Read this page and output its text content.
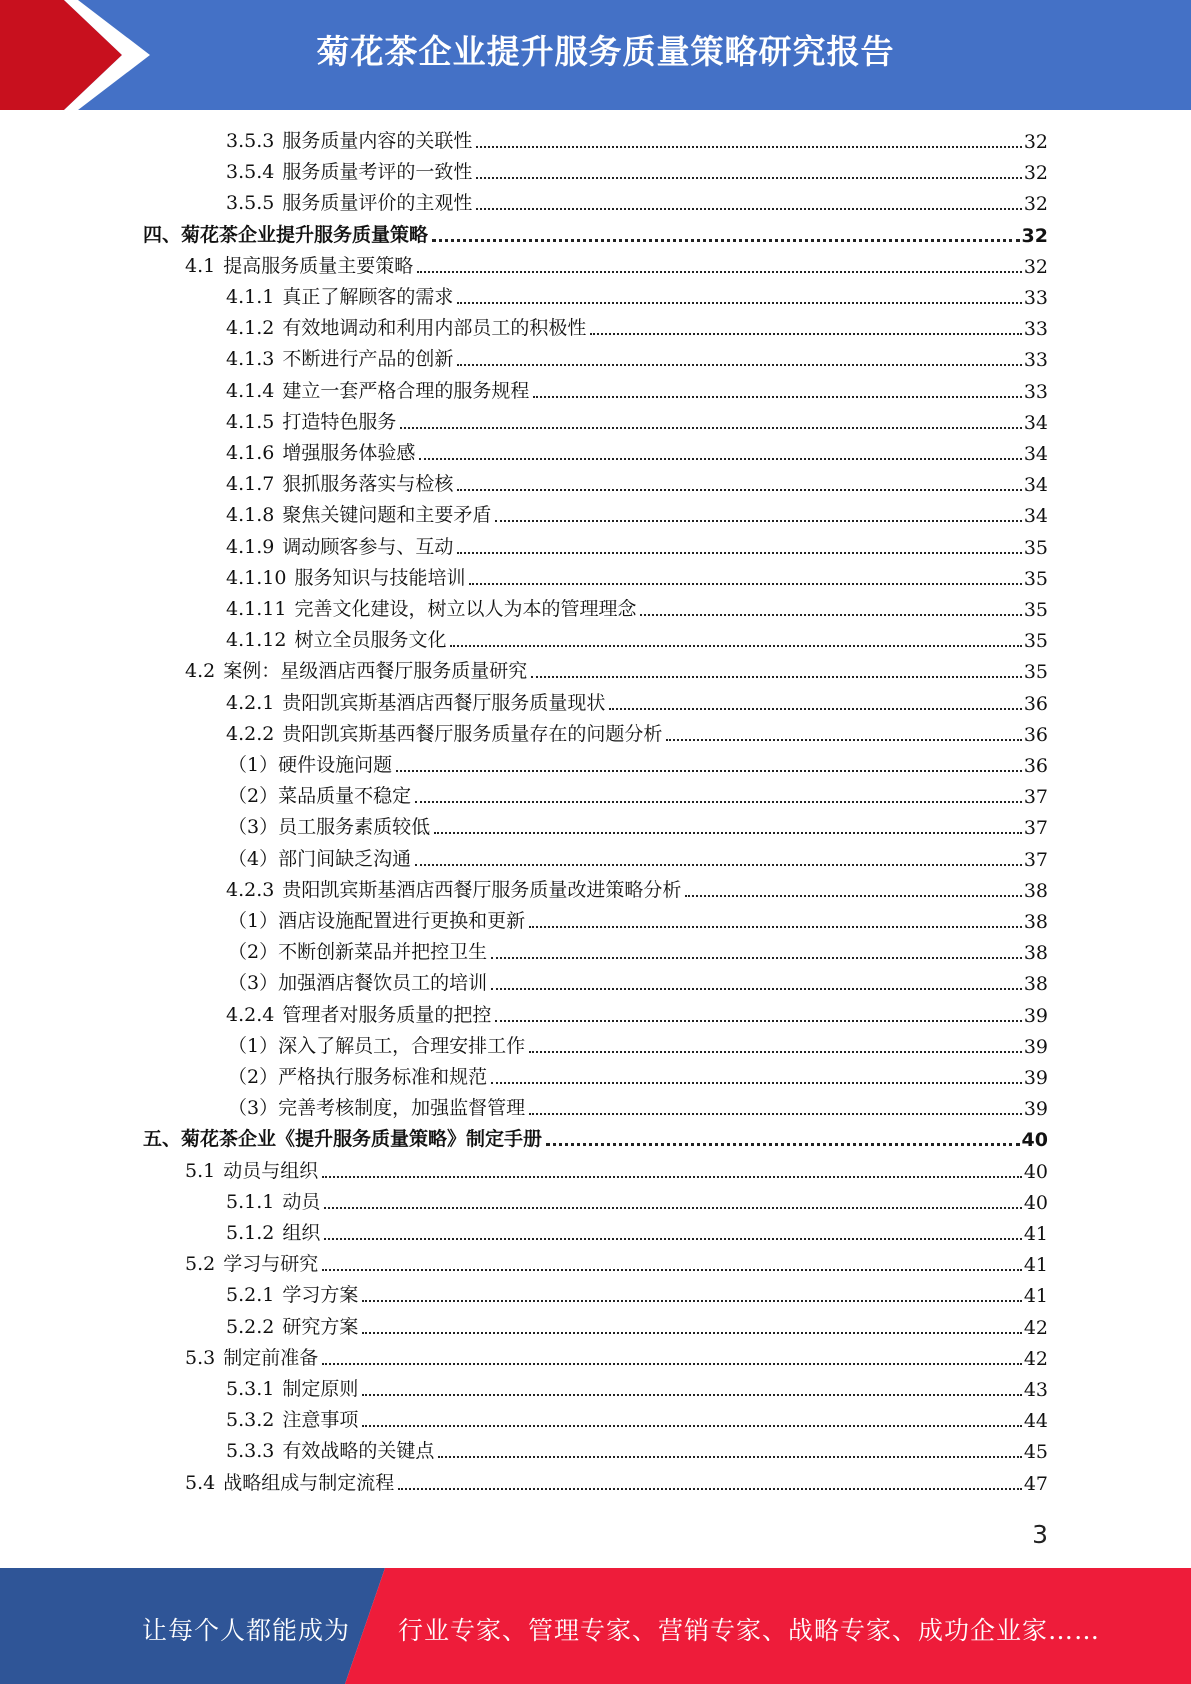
菊花茶企业提升服务质量策略研究报告
3.5.3 服务质量内容的关联性	32
3.5.4 服务质量考评的一致性	32
3.5.5 服务质量评价的主观性	32
四、菊花茶企业提升服务质量策略	32
4.1 提高服务质量主要策略	32
4.1.1 真正了解顾客的需求	33
4.1.2 有效地调动和利用内部员工的积极性	33
4.1.3 不断进行产品的创新	33
4.1.4 建立一套严格合理的服务规程	33
4.1.5 打造特色服务	34
4.1.6 增强服务体验感	34
4.1.7 狠抓服务落实与检核	34
4.1.8 聚焦关键问题和主要矛盾	34
4.1.9 调动顾客参与、互动	35
4.1.10 服务知识与技能培训	35
4.1.11 完善文化建设，树立以人为本的管理理念	35
4.1.12 树立全员服务文化	35
4.2 案例：星级酒店西餐厅服务质量研究	35
4.2.1 贵阳凯宾斯基酒店西餐厅服务质量现状	36
4.2.2 贵阳凯宾斯基西餐厅服务质量存在的问题分析	36
（1）硬件设施问题	36
（2）菜品质量不稳定	37
（3）员工服务素质较低	37
（4）部门间缺乏沟通	37
4.2.3 贵阳凯宾斯基酒店西餐厅服务质量改进策略分析	38
（1）酒店设施配置进行更换和更新	38
（2）不断创新菜品并把控卫生	38
（3）加强酒店餐饮员工的培训	38
4.2.4 管理者对服务质量的把控	39
（1）深入了解员工，合理安排工作	39
（2）严格执行服务标准和规范	39
（3）完善考核制度，加强监督管理	39
五、菊花茶企业《提升服务质量策略》制定手册	40
5.1 动员与组织	40
5.1.1 动员	40
5.1.2 组织	41
5.2 学习与研究	41
5.2.1 学习方案	41
5.2.2 研究方案	42
5.3 制定前准备	42
5.3.1 制定原则	43
5.3.2 注意事项	44
5.3.3 有效战略的关键点	45
5.4 战略组成与制定流程	47
3
让每个人都能成为 行业专家、管理专家、营销专家、战略专家、成功企业家……
